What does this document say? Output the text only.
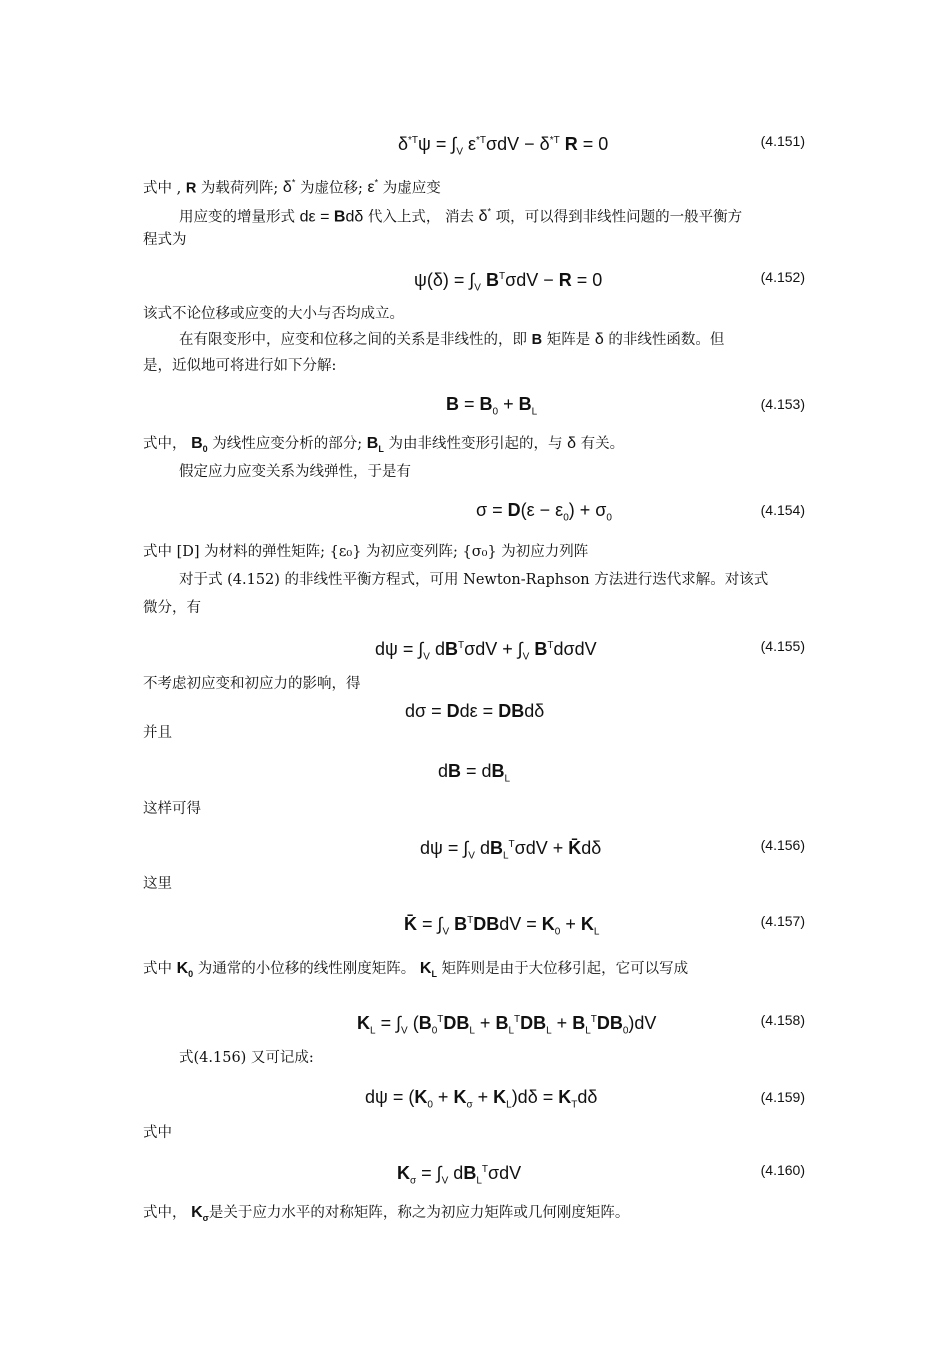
$\delta^{*T}\psi = \int_V$ $\varepsilon^{*T}\sigma dV - \delta^{*T}$ R = 0	(4.151)
式中 , R 为载荷列阵; δ* 为虚位移; ε* 为虚应变
用应变的增量形式 dε = Bdδ 代入上式， 消去 δ* 项，可以得到非线性问题的一般平衡方
程式为
$\psi(\delta) = \int_V$ $B^T\sigma dV - R = 0$	(4.152)
该式不论位移或应变的大小与否均成立。
在有限变形中，应变和位移之间的关系是非线性的，即 B 矩阵是 δ 的非线性函数。但
是，近似地可将进行如下分解:
$B = B_0 + B_L$
(4.153)
式中， $B_0$ 为线性应变分析的部分; $B_L$ 为由非线性变形引起的，与 δ 有关。
假定应力应变关系为线弹性，于是有
$\sigma = D(\varepsilon - \varepsilon_0) + \sigma_0$
(4.154)
式中 [D] 为材料的弹性矩阵; {ε₀} 为初应变列阵; {σ₀} 为初应力列阵
对于式 (4.152) 的非线性平衡方程式，可用 Newton-Raphson 方法进行迭代求解。对该式
微分，有
$d\psi = \int_V$ $dB^T\sigma dV + \int_V$ $B^Td\sigma dV$	(4.155)
不考虑初应变和初应力的影响，得
dσ = Ddε = DBdδ
并且
dB = $dB_L$
这样可得
$d\psi = \int_V$ $dB_L^T\sigma dV$ + K̄dδ	(4.156)
这里
K̄ = $\int_V$ $B^TDBdV = K_0 + K_L$
(4.157)
式中 $K_0$ 为通常的小位移的线性刚度矩阵。 $K_L$ 矩阵则是由于大位移引起，它可以写成
$K_L = \int_V$ $(B_0^TDB_L + B_L^TDB_L + B_L^TDB_0)dV$	(4.158)
式(4.156) 又可记成:
$d\psi = (K_0 + K_\sigma + K_L)d\delta = K_Td\delta$	(4.159)
式中
$K_\sigma = \int_V$ $dB_L^T\sigma dV$	(4.160)
式中， $K_\sigma$是关于应力水平的对称矩阵，称之为初应力矩阵或几何刚度矩阵。
